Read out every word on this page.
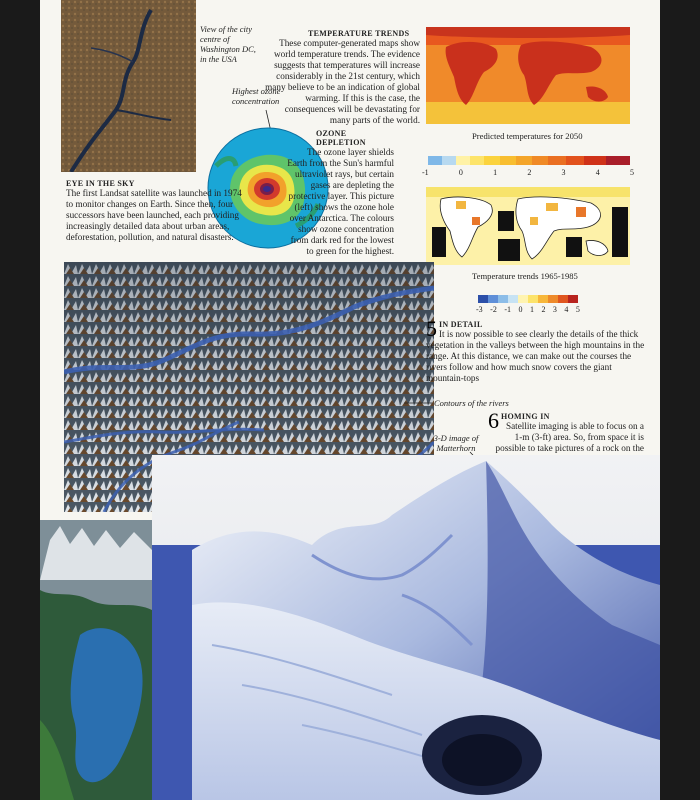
View of the city centre of Washington DC, in the USA
Highest ozone concentration
OZONE DEPLETION
The ozone layer shields Earth from the Sun's harmful ultraviolet rays, but certain gases are depleting the protective layer. This picture (left) shows the ozone hole over Antarctica. The colours show ozone concentration from dark red for the lowest to green for the highest.
EYE IN THE SKY
The first Landsat satellite was launched in 1974 to monitor changes on Earth. Since then, four successors have been launched, each providing increasingly detailed data about urban areas, deforestation, pollution, and natural disasters.
TEMPERATURE TRENDS
These computer-generated maps show world temperature trends. The evidence suggests that temperatures will increase considerably in the 21st century, which many believe to be an indication of global warming. If this is the case, the consequences will be devastating for many parts of the world.
Predicted temperatures for 2050
-1	0	1	2	3	4	5
Temperature trends 1965-1985
-3 -2 -1 0 1 2 3 4 5
5 IN DETAIL
It is now possible to see clearly the details of the thick vegetation in the valleys between the high mountains in the range. At this distance, we can make out the courses the rivers follow and how much snow covers the giant mountain-tops
Contours of the rivers
3-D image of Matterhorn
6 HOMING IN
Satellite imaging is able to focus on a 1-m (3-ft) area. So, from space it is possible to take pictures of a rock on the
